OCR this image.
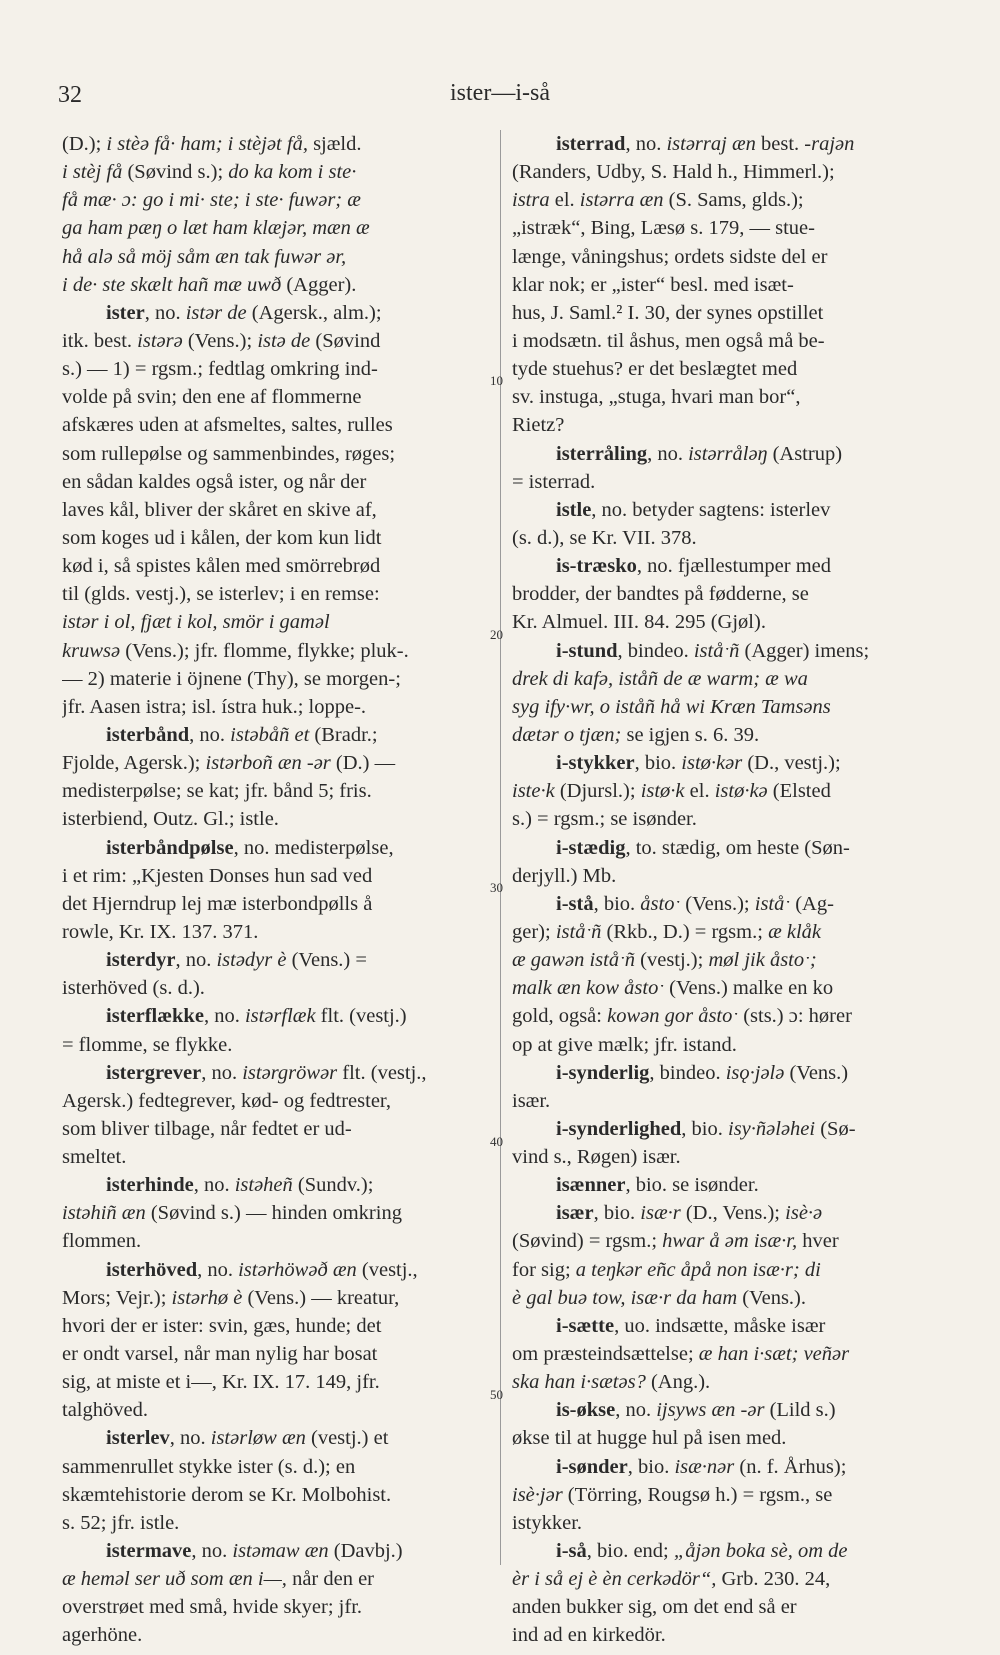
32	ister—i-så
(D.); i stèə få· ham; i stèjət få, sjæld.
i stèj få (Søvind s.); do ka kom i ste·
få mæ· ɔ: go i mi· ste; i ste· fuwər; æ
ga ham pæŋ o læt ham klæjər, mæn æ
hå alə så möj såm æn tak fuwər ər,
i de· ste skælt hañ mæ uwð (Agger).
ister, no. istər de (Agersk., alm.);
itk. best. istərə (Vens.); istə de (Søvind
s.) — 1) = rgsm.; fedtlag omkring ind-
volde på svin; den ene af flommerne
afskæres uden at afsmeltes, saltes, rulles
som rullepølse og sammenbindes, røges;
en sådan kaldes også ister, og når der
laves kål, bliver der skåret en skive af,
som koges ud i kålen, der kom kun lidt
kød i, så spistes kålen med smörrebrød
til (glds. vestj.), se isterlev; i en remse:
istər i ol, fjæt i kol, smör i gaməl
kruwsə (Vens.); jfr. flomme, flykke; pluk-.
— 2) materie i öjnene (Thy), se morgen-;
jfr. Aasen istra; isl. ístra huk.; loppe-.
isterbånd, no. istəbåñ et (Bradr.;
Fjolde, Agersk.); istərboñ æn -ər (D.) —
medisterpølse; se kat; jfr. bånd 5; fris.
isterbiend, Outz. Gl.; istle.
isterbåndpølse, no. medisterpølse,
i et rim: „Kjesten Donses hun sad ved
det Hjerndrup lej mæ isterbondpølls å
rowle, Kr. IX. 137. 371.
isterdyr, no. istədyr è (Vens.) =
isterhöved (s. d.).
isterflække, no. istərflæk flt. (vestj.)
= flomme, se flykke.
istergrever, no. istərgröwər flt. (vestj.,
Agersk.) fedtegrever, kød- og fedtrester,
som bliver tilbage, når fedtet er ud-
smeltet.
isterhinde, no. istəheñ (Sundv.);
istəhiñ æn (Søvind s.) — hinden omkring
flommen.
isterhöved, no. istərhöwəð æn (vestj.,
Mors; Vejr.); istərhø è (Vens.) — kreatur,
hvori der er ister: svin, gæs, hunde; det
er ondt varsel, når man nylig har bosat
sig, at miste et i—, Kr. IX. 17. 149, jfr.
talghöved.
isterlev, no. istərløw æn (vestj.) et
sammenrullet stykke ister (s. d.); en
skæmtehistorie derom se Kr. Molbohist.
s. 52; jfr. istle.
istermave, no. istəmaw æn (Davbj.)
æ heməl ser uð som æn i—, når den er
overstrøet med små, hvide skyer; jfr.
agerhöne.
isterrad, no. istərraj æn best. -rajən
(Randers, Udby, S. Hald h., Himmerl.);
istra el. istərra æn (S. Sams, glds.);
„istræk“, Bing, Læsø s. 179, — stue-
længe, våningshus; ordets sidste del er
klar nok; er „ister“ besl. med isæt-
hus, J. Saml.² I. 30, der synes opstillet
i modsætn. til åshus, men også må be-
tyde stuehus? er det beslægtet med
sv. instuga, „stuga, hvari man bor“,
Rietz?
isterråling, no. istərråləŋ (Astrup)
= isterrad.
istle, no. betyder sagtens: isterlev
(s. d.), se Kr. VII. 378.
is-træsko, no. fjællestumper med
brodder, der bandtes på fødderne, se
Kr. Almuel. III. 84. 295 (Gjøl).
i-stund, bindeo. iståˑñ (Agger) imens;
drek di kafə, iståñ de æ warm; æ wa
syg ify·wr, o iståñ hå wi Kræn Tamsəns
dætər o tjæn; se igjen s. 6. 39.
i-stykker, bio. istø·kər (D., vestj.);
iste·k (Djursl.); istø·k el. istø·kə (Elsted
s.) = rgsm.; se isønder.
i-stædig, to. stædig, om heste (Søn-
derjyll.) Mb.
i-stå, bio. åstoˑ (Vens.); iståˑ (Ag-
ger); iståˑñ (Rkb., D.) = rgsm.; æ klåk
æ gawən iståˑñ (vestj.); møl jik åstoˑ;
malk æn kow åstoˑ (Vens.) malke en ko
gold, også: kowən gor åstoˑ (sts.) ɔ: hører
op at give mælk; jfr. istand.
i-synderlig, bindeo. isǫ·jələ (Vens.)
især.
i-synderlighed, bio. isy·ñələhei (Sø-
vind s., Røgen) især.
isænner, bio. se isønder.
især, bio. isæ·r (D., Vens.); isè·ə
(Søvind) = rgsm.; hwar å əm isæ·r, hver
for sig; a teŋkər eñc åpå non isæ·r; di
è gal buə tow, isæ·r da ham (Vens.).
i-sætte, uo. indsætte, måske især
om præsteindsættelse; æ han i·sæt; veñər
ska han i·sætəs? (Ang.).
is-økse, no. ijsyws æn -ər (Lild s.)
økse til at hugge hul på isen med.
i-sønder, bio. isæ·nər (n. f. Århus);
isè·jər (Törring, Rougsø h.) = rgsm., se
istykker.
i-så, bio. end; „åjən boka sè, om de
èr i så ej è èn cerkədör“, Grb. 230. 24,
anden bukker sig, om det end så er
ind ad en kirkedör.
10
20
30
40
50
